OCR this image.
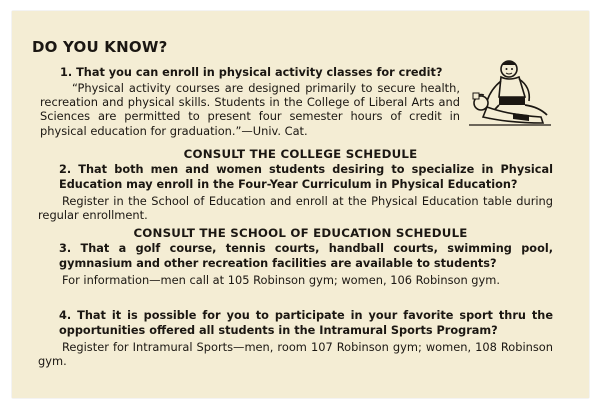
DO YOU KNOW?

1. That you can enroll in physical activity classes for credit?

“Physical activity courses are designed primarily to secure health, recreation and physical skills. Students in the College of Liberal Arts and Sciences are permitted to present four semester hours of credit in physical education for graduation.”—Univ. Cat.

CONSULT THE COLLEGE SCHEDULE

2. That both men and women students desiring to specialize in Physical Education may enroll in the Four-Year Curriculum in Physical Education?

Register in the School of Education and enroll at the Physical Education table during regular enrollment.

CONSULT THE SCHOOL OF EDUCATION SCHEDULE

3. That a golf course, tennis courts, handball courts, swimming pool, gymnasium and other recreation facilities are available to students?

For information—men call at 105 Robinson gym; women, 106 Robinson gym.

4. That it is possible for you to participate in your favorite sport thru the opportunities offered all students in the Intramural Sports Program?

Register for Intramural Sports—men, room 107 Robinson gym; women, 108 Robinson gym.
